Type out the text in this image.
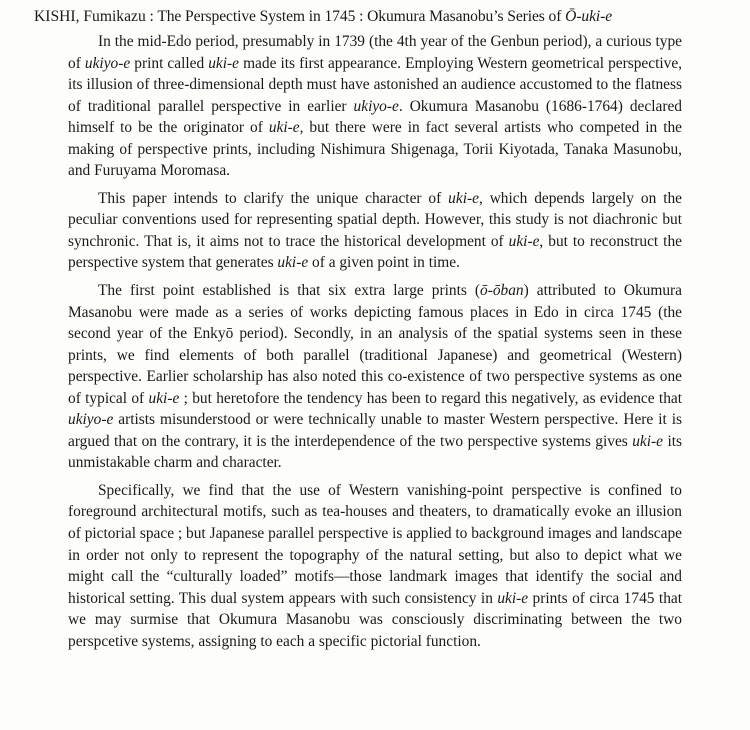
KISHI, Fumikazu : The Perspective System in 1745 : Okumura Masanobu’s Series of Ō-uki-e

In the mid-Edo period, presumably in 1739 (the 4th year of the Genbun period), a curious type of ukiyo-e print called uki-e made its first appearance. Employing Western geometrical perspective, its illusion of three-dimensional depth must have astonished an audience accustomed to the flatness of traditional parallel perspective in earlier ukiyo-e. Okumura Masanobu (1686-1764) declared himself to be the originator of uki-e, but there were in fact several artists who competed in the making of perspective prints, including Nishimura Shigenaga, Torii Kiyotada, Tanaka Masunobu, and Furuyama Moromasa.

This paper intends to clarify the unique character of uki-e, which depends largely on the peculiar conventions used for representing spatial depth. However, this study is not diachronic but synchronic. That is, it aims not to trace the historical development of uki-e, but to reconstruct the perspective system that generates uki-e of a given point in time.

The first point established is that six extra large prints (ō-ōban) attributed to Okumura Masanobu were made as a series of works depicting famous places in Edo in circa 1745 (the second year of the Enkyō period). Secondly, in an analysis of the spatial systems seen in these prints, we find elements of both parallel (traditional Japanese) and geometrical (Western) perspective. Earlier scholarship has also noted this co-existence of two perspective systems as one of typical of uki-e ; but heretofore the tendency has been to regard this negatively, as evidence that ukiyo-e artists misunderstood or were technically unable to master Western perspective. Here it is argued that on the contrary, it is the interdependence of the two perspective systems gives uki-e its unmistakable charm and character.

Specifically, we find that the use of Western vanishing-point perspective is confined to foreground architectural motifs, such as tea-houses and theaters, to dramatically evoke an illusion of pictorial space ; but Japanese parallel perspective is applied to background images and landscape in order not only to represent the topography of the natural setting, but also to depict what we might call the “culturally loaded” motifs—those landmark images that identify the social and historical setting. This dual system appears with such consistency in uki-e prints of circa 1745 that we may surmise that Okumura Masanobu was consciously discriminating between the two perspcetive systems, assigning to each a specific pictorial function.
